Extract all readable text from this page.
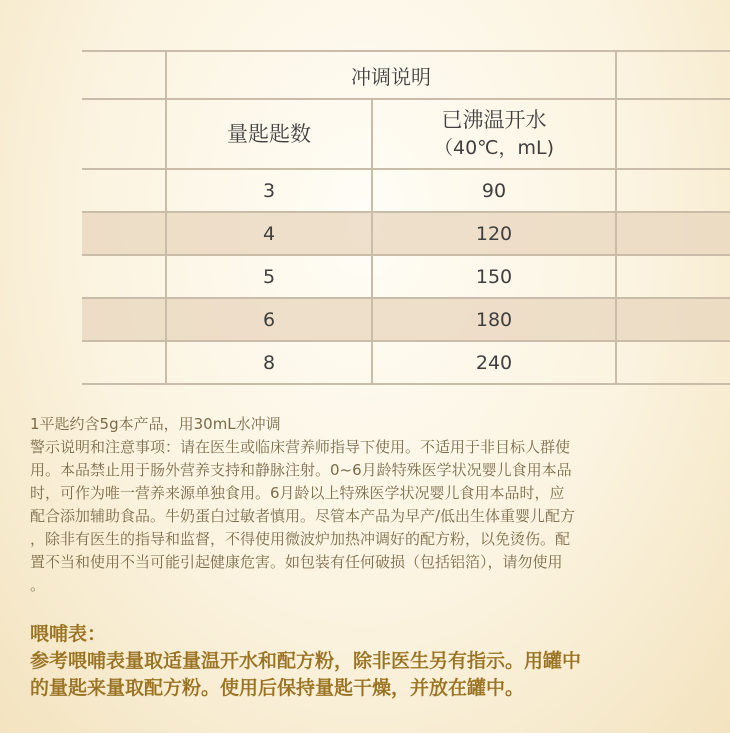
	冲调说明		
	量匙匙数	已沸温开水
（40℃，mL)	

	3	90	
	4	120	
	5	150	
	6	180	
	8	240	

1平匙约含5g本产品，用30mL水冲调

警示说明和注意事项：请在医生或临床营养师指导下使用。不适用于非目标人群使

用。本品禁止用于肠外营养支持和静脉注射。0~6月龄特殊医学状况婴儿食用本品

时，可作为唯一营养来源单独食用。6月龄以上特殊医学状况婴儿食用本品时，应

配合添加辅助食品。牛奶蛋白过敏者慎用。尽管本产品为早产/低出生体重婴儿配方

，除非有医生的指导和监督，不得使用微波炉加热冲调好的配方粉，以免烫伤。配

置不当和使用不当可能引起健康危害。如包装有任何破损（包括铝箔），请勿使用

。

喂哺表：

参考喂哺表量取适量温开水和配方粉，除非医生另有指示。用罐中

的量匙来量取配方粉。使用后保持量匙干燥，并放在罐中。
